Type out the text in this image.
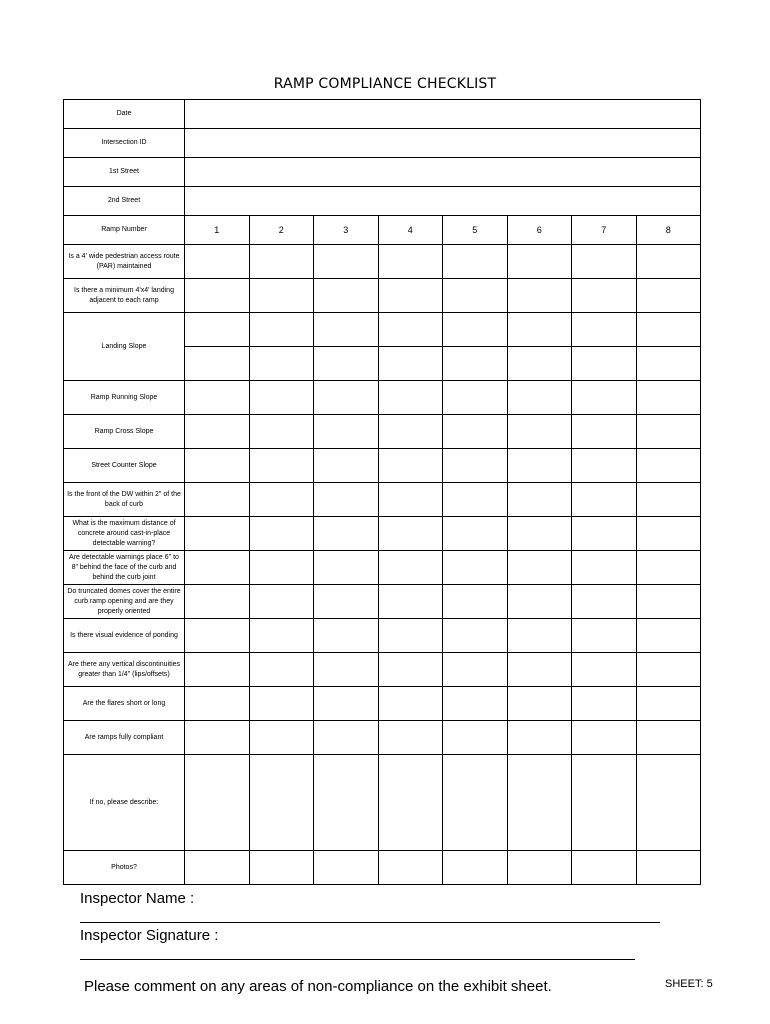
RAMP COMPLIANCE CHECKLIST
Date								
Intersection ID								
1st Street								
2nd Street								
Ramp Number	1	2	3	4	5	6	7	8
Is a 4' wide pedestrian access route (PAR) maintained								
Is there a minimum 4'x4' landing adjacent to each ramp								
Landing Slope								

Ramp Running Slope								
Ramp Cross Slope								
Street Counter Slope								
Is the front of the DW within 2" of the back of curb								
What is the maximum distance of concrete around cast-in-place detectable warning?								
Are detectable warnings place 6" to 8" behind the face of the curb and behind the curb joint								
Do truncated domes cover the entire curb ramp opening and are they properly oriented								
Is there visual evidence of ponding								
Are there any vertical discontinuities greater than 1/4" (lips/offsets)								
Are the flares short or long								
Are ramps fully compliant								
If no, please describe:								
Photos?								
Inspector Name :
Inspector Signature :
Please comment on any areas of non-compliance on the exhibit sheet.	SHEET: 5
